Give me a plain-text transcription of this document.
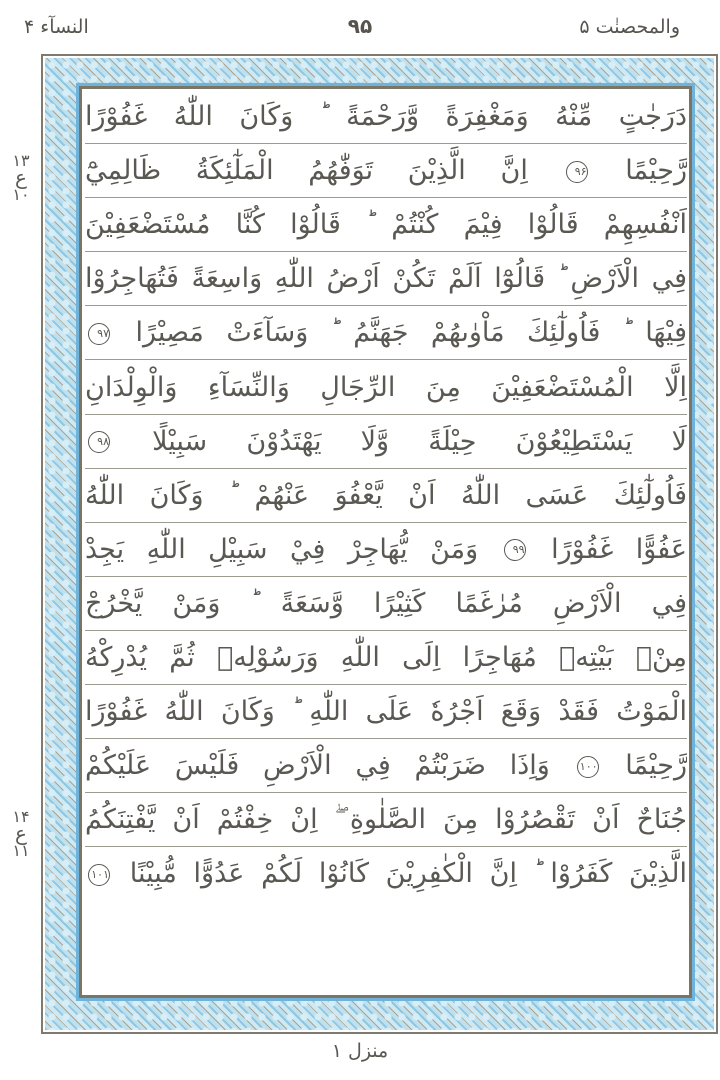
النسآء ۴	۹۵	والمحصنٰت ۵
۱۳
ع
۱۰
۱۴
ع
۱۱
دَرَجٰتٍ مِّنْهُ وَمَغْفِرَةً وَّرَحْمَةً ؕ وَكَانَ اللّٰهُ غَفُوْرًا
رَّحِيْمًا ۹۶ اِنَّ الَّذِيْنَ تَوَفّٰهُمُ الْمَلٰٓئِكَةُ ظَالِمِيْٓ
اَنْفُسِهِمْ قَالُوْا فِيْمَ كُنْتُمْ ؕ قَالُوْا كُنَّا مُسْتَضْعَفِيْنَ
فِي الْاَرْضِ ؕ قَالُوْٓا اَلَمْ تَكُنْ اَرْضُ اللّٰهِ وَاسِعَةً فَتُهَاجِرُوْا
فِيْهَا ؕ فَاُولٰٓئِكَ مَاْوٰىهُمْ جَهَنَّمُ ؕ وَسَآءَتْ مَصِيْرًا ۹۷
اِلَّا الْمُسْتَضْعَفِيْنَ مِنَ الرِّجَالِ وَالنِّسَآءِ وَالْوِلْدَانِ
لَا يَسْتَطِيْعُوْنَ حِيْلَةً وَّلَا يَهْتَدُوْنَ سَبِيْلًا ۹۸
فَاُولٰٓئِكَ عَسَى اللّٰهُ اَنْ يَّعْفُوَ عَنْهُمْ ؕ وَكَانَ اللّٰهُ
عَفُوًّا غَفُوْرًا ۹۹ وَمَنْ يُّهَاجِرْ فِيْ سَبِيْلِ اللّٰهِ يَجِدْ
فِي الْاَرْضِ مُرٰغَمًا كَثِيْرًا وَّسَعَةً ؕ وَمَنْ يَّخْرُجْ
مِنْۢ بَيْتِهٖ مُهَاجِرًا اِلَى اللّٰهِ وَرَسُوْلِهٖ ثُمَّ يُدْرِكْهُ
الْمَوْتُ فَقَدْ وَقَعَ اَجْرُهٗ عَلَى اللّٰهِ ؕ وَكَانَ اللّٰهُ غَفُوْرًا
رَّحِيْمًا ۱۰۰ وَاِذَا ضَرَبْتُمْ فِي الْاَرْضِ فَلَيْسَ عَلَيْكُمْ
جُنَاحٌ اَنْ تَقْصُرُوْا مِنَ الصَّلٰوةِ ۖ اِنْ خِفْتُمْ اَنْ يَّفْتِنَكُمُ
الَّذِيْنَ كَفَرُوْا ؕ اِنَّ الْكٰفِرِيْنَ كَانُوْا لَكُمْ عَدُوًّا مُّبِيْنًا ۱۰۱
منزل ۱
